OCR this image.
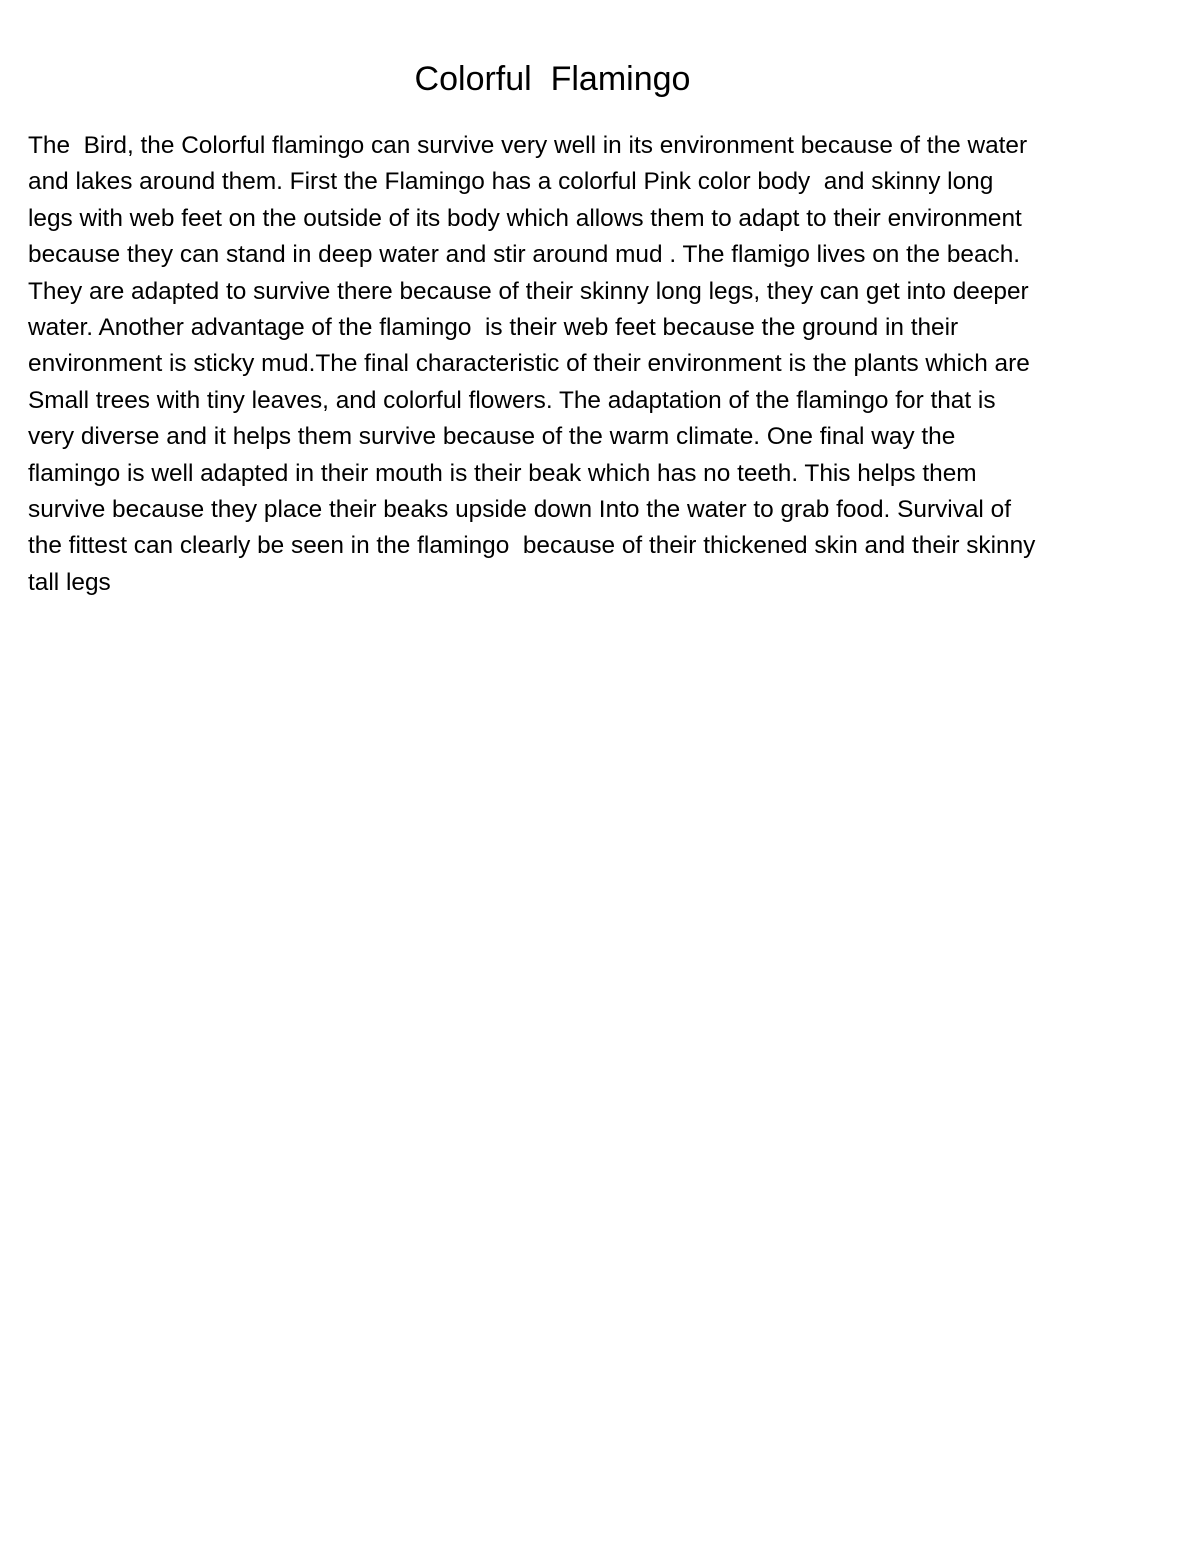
Colorful  Flamingo
The  Bird, the Colorful flamingo can survive very well in its environment because of the water
and lakes around them. First the Flamingo has a colorful Pink color body  and skinny long
legs with web feet on the outside of its body which allows them to adapt to their environment
because they can stand in deep water and stir around mud . The flamigo lives on the beach.
They are adapted to survive there because of their skinny long legs, they can get into deeper
water. Another advantage of the flamingo  is their web feet because the ground in their
environment is sticky mud.The final characteristic of their environment is the plants which are
Small trees with tiny leaves, and colorful flowers. The adaptation of the flamingo for that is
very diverse and it helps them survive because of the warm climate. One final way the
flamingo is well adapted in their mouth is their beak which has no teeth. This helps them
survive because they place their beaks upside down Into the water to grab food. Survival of
the fittest can clearly be seen in the flamingo  because of their thickened skin and their skinny
tall legs
